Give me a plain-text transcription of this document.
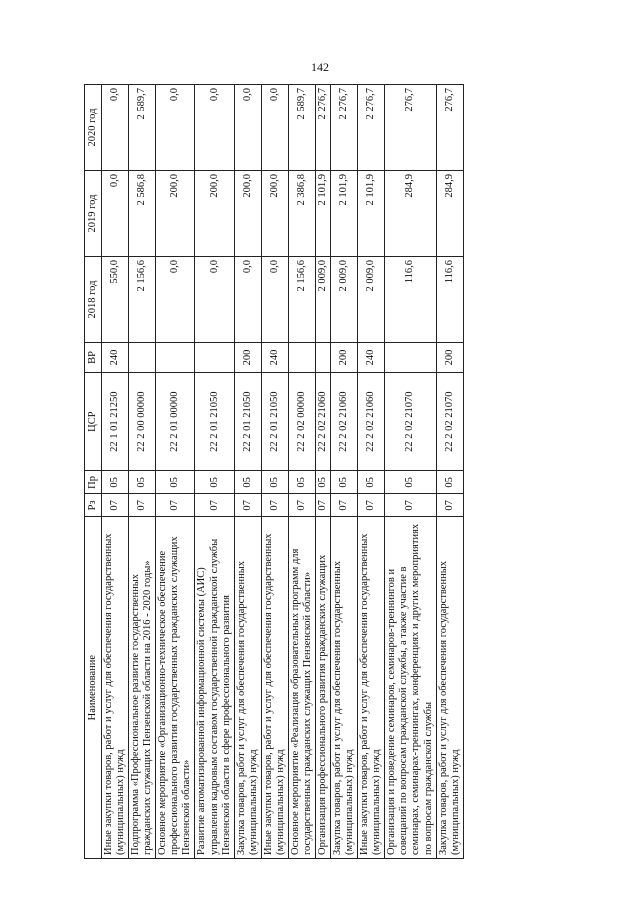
142
Наименование	Рз	Пр	ЦСР	ВР	2018 год	2019 год	2020 год
Иные закупки товаров, работ и услуг для обеспечения государственных (муниципальных) нужд	07	05	22 1 01 21250	240	550,0	0,0	0,0
Подпрограмма «Профессиональное развитие государственных гражданских служащих Пензенской области на 2016 - 2020 годы»	07	05	22 2 00 00000		2 156,6	2 586,8	2 589,7
Основное мероприятие «Организационно-техническое обеспечение профессионального развития государственных гражданских служащих Пензенской области»	07	05	22 2 01 00000		0,0	200,0	0,0
Развитие автоматизированной информационной системы (АИС) управления кадровым составом государственной гражданской службы Пензенской области в сфере профессионального развития	07	05	22 2 01 21050		0,0	200,0	0,0
Закупка товаров, работ и услуг для обеспечения государственных (муниципальных) нужд	07	05	22 2 01 21050	200	0,0	200,0	0,0
Иные закупки товаров, работ и услуг для обеспечения государственных (муниципальных) нужд	07	05	22 2 01 21050	240	0,0	200,0	0,0
Основное мероприятие «Реализация образовательных программ для государственных гражданских служащих Пензенской области»	07	05	22 2 02 00000		2 156,6	2 386,8	2 589,7
Организация профессионального развития гражданских служащих	07	05	22 2 02 21060		2 009,0	2 101,9	2 276,7
Закупка товаров, работ и услуг для обеспечения государственных (муниципальных) нужд	07	05	22 2 02 21060	200	2 009,0	2 101,9	2 276,7
Иные закупки товаров, работ и услуг для обеспечения государственных (муниципальных) нужд	07	05	22 2 02 21060	240	2 009,0	2 101,9	2 276,7
Организация и проведение семинаров, семинаров-треннингов и совещаний по вопросам гражданской службы, а также участие в семинарах, семинарах-треннингах, конференциях и других мероприятиях по вопросам гражданской службы	07	05	22 2 02 21070		116,6	284,9	276,7
Закупка товаров, работ и услуг для обеспечения государственных (муниципальных) нужд	07	05	22 2 02 21070	200	116,6	284,9	276,7
